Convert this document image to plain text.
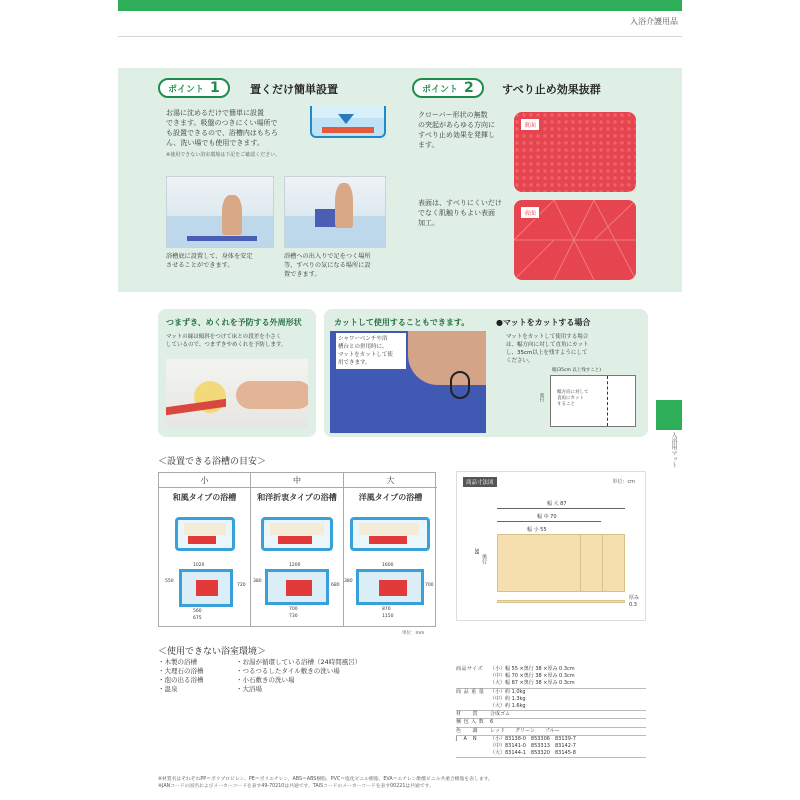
入浴介護用品
ポイント 1	置くだけ簡単設置
お湯に沈めるだけで簡単に設置
できます。吸盤のつきにくい場所で
も設置できるので、浴槽内はもちろ
ん、洗い場でも使用できます。
※使用できない浴室環境は下記をご確認ください。
浴槽底に設置して、身体を安定
させることができます。
浴槽への出入りで足をつく場所
等、すべりの気になる場所に設
置できます。
ポイント 2	すべり止め効果抜群
クローバー形状の無数
の突起があらゆる方向に
すべり止め効果を発揮し
ます。
裏面
表面は、すべりにくいだけ
でなく肌触りもよい表面
加工。
表面
つまずき、めくれを予防する外周形状
マットの縁は傾斜をつけて床との段差を小さく
しているので、つまずきやめくれを予防します。
カットして使用することもできます。
シャワーベンチや浴
槽台との併用時に、
マットをカットして使
用できます。
●マットをカットする場合
マットをカットして使用する場合
は、幅方向に対して直角にカット
し、35cm以上を残すようにして
ください。
幅(35cm 以上残すこと)
幅方向に対して
直角にカット
すること
奥行
入浴用マット
＜設置できる浴槽の目安＞
小
和風タイプの浴槽
1020
550
720
560
675
中
和洋折衷タイプの浴槽
1200
380
680
700
730
大
洋風タイプの浴槽
1600
380
700
870
1150
単位：mm
商品寸法図	単位：cm
幅 大 87
幅 中 70
幅 小 55
奥行
38
厚み
0.3
＜使用できない浴室環境＞
・木製の浴槽
・大理石の浴槽
・泡の出る浴槽
・温泉
・お湯が循環している浴槽（24時間風呂）
・つるつるしたタイル敷きの洗い場
・小石敷きの洗い場
・大浴場
商品サイズ	（小）幅 55 ×奥行 38 ×厚み 0.3cm
（中）幅 70 ×奥行 38 ×厚み 0.3cm
（大）幅 87 ×奥行 38 ×厚み 0.3cm
商 品 重 量	（小）約 1.0kg
（中）約 1.3kg
（大）約 1.6kg
材　　質	合成ゴム
梱 包 入 数	6
色　　調	レッド　　グリーン　　ブルー
J　A　N	（小）83138-0　853306　83139-7
（中）83141-0　853313　83142-7
（大）83144-1　853320　83145-8
※材質名はそれぞれPP＝ポリプロピレン、PE＝ポリエチレン、ABS＝ABS樹脂、PVC＝塩化ビニル樹脂、EVA＝エチレン酢酸ビニル共重合樹脂を表します。
※JANコードの国名およびメーカーコードを表す49-70210は共通です。TAISコードのメーカーコードを表す00221は共通です。
